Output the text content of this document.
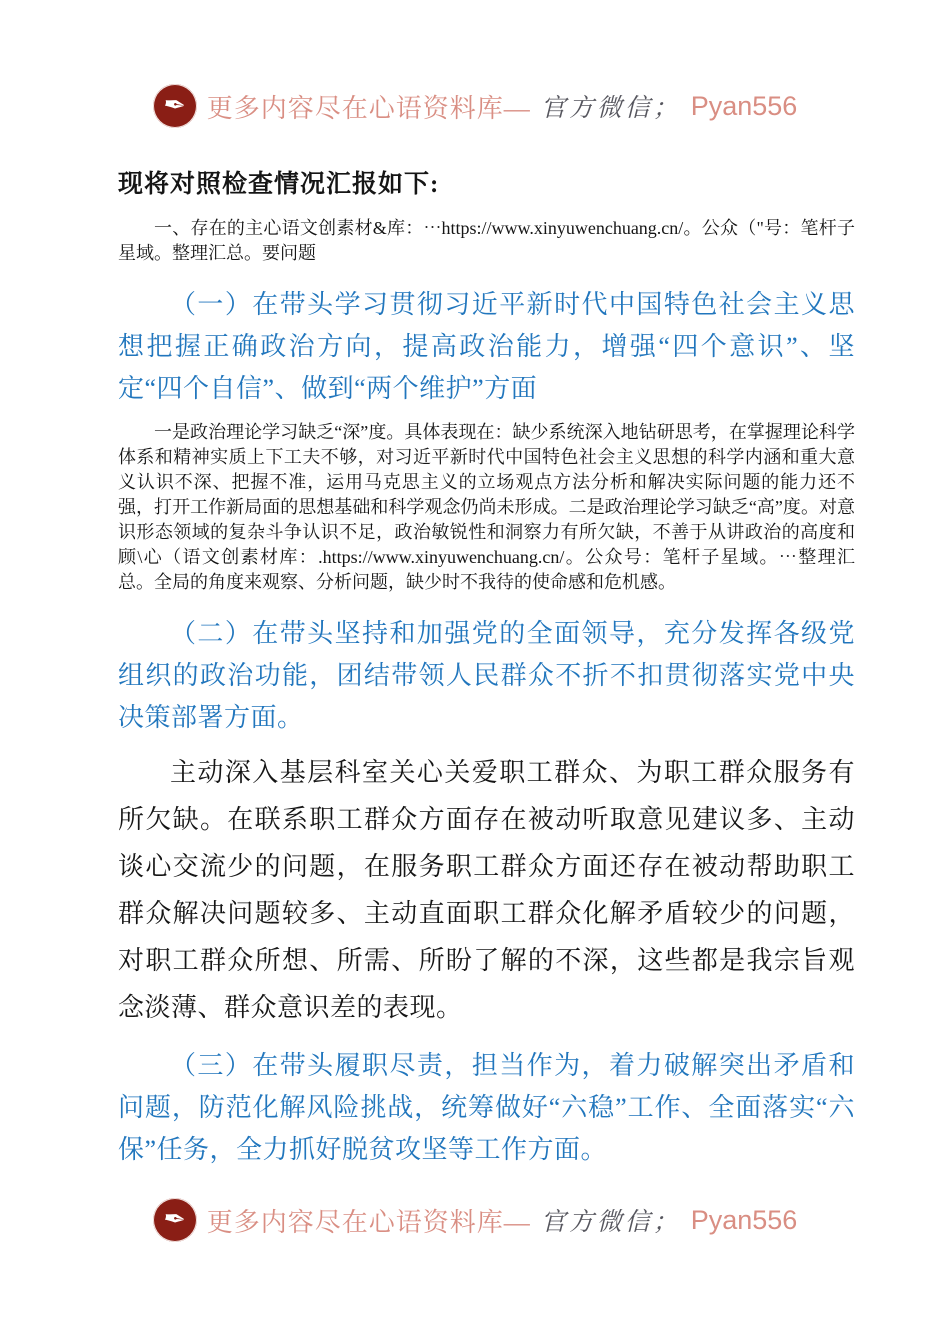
✒ 更多内容尽在心语资料库— 官方微信； Pyan556
现将对照检查情况汇报如下:

一、存在的主心语文创素材&库：⋯https://www.xinyuwenchuang.cn/。公众（"号：笔杆子星域。整理汇总。要问题

（一）在带头学习贯彻习近平新时代中国特色社会主义思想把握正确政治方向，提高政治能力，增强“四个意识”、坚定“四个自信”、做到“两个维护”方面

一是政治理论学习缺乏“深”度。具体表现在：缺少系统深入地钻研思考，在掌握理论科学体系和精神实质上下工夫不够，对习近平新时代中国特色社会主义思想的科学内涵和重大意义认识不深、把握不准，运用马克思主义的立场观点方法分析和解决实际问题的能力还不强，打开工作新局面的思想基础和科学观念仍尚未形成。二是政治理论学习缺乏“高”度。对意识形态领域的复杂斗争认识不足，政治敏锐性和洞察力有所欠缺，不善于从讲政治的高度和顾\心（语文创素材库：.https://www.xinyuwenchuang.cn/。公众号：笔杆子星域。⋯整理汇总。全局的角度来观察、分析问题，缺少时不我待的使命感和危机感。

（二）在带头坚持和加强党的全面领导，充分发挥各级党组织的政治功能，团结带领人民群众不折不扣贯彻落实党中央决策部署方面。

主动深入基层科室关心关爱职工群众、为职工群众服务有所欠缺。在联系职工群众方面存在被动听取意见建议多、主动谈心交流少的问题，在服务职工群众方面还存在被动帮助职工群众解决问题较多、主动直面职工群众化解矛盾较少的问题，对职工群众所想、所需、所盼了解的不深，这些都是我宗旨观念淡薄、群众意识差的表现。

（三）在带头履职尽责，担当作为，着力破解突出矛盾和问题，防范化解风险挑战，统筹做好“六稳”工作、全面落实“六保”任务，全力抓好脱贫攻坚等工作方面。
✒ 更多内容尽在心语资料库— 官方微信； Pyan556
